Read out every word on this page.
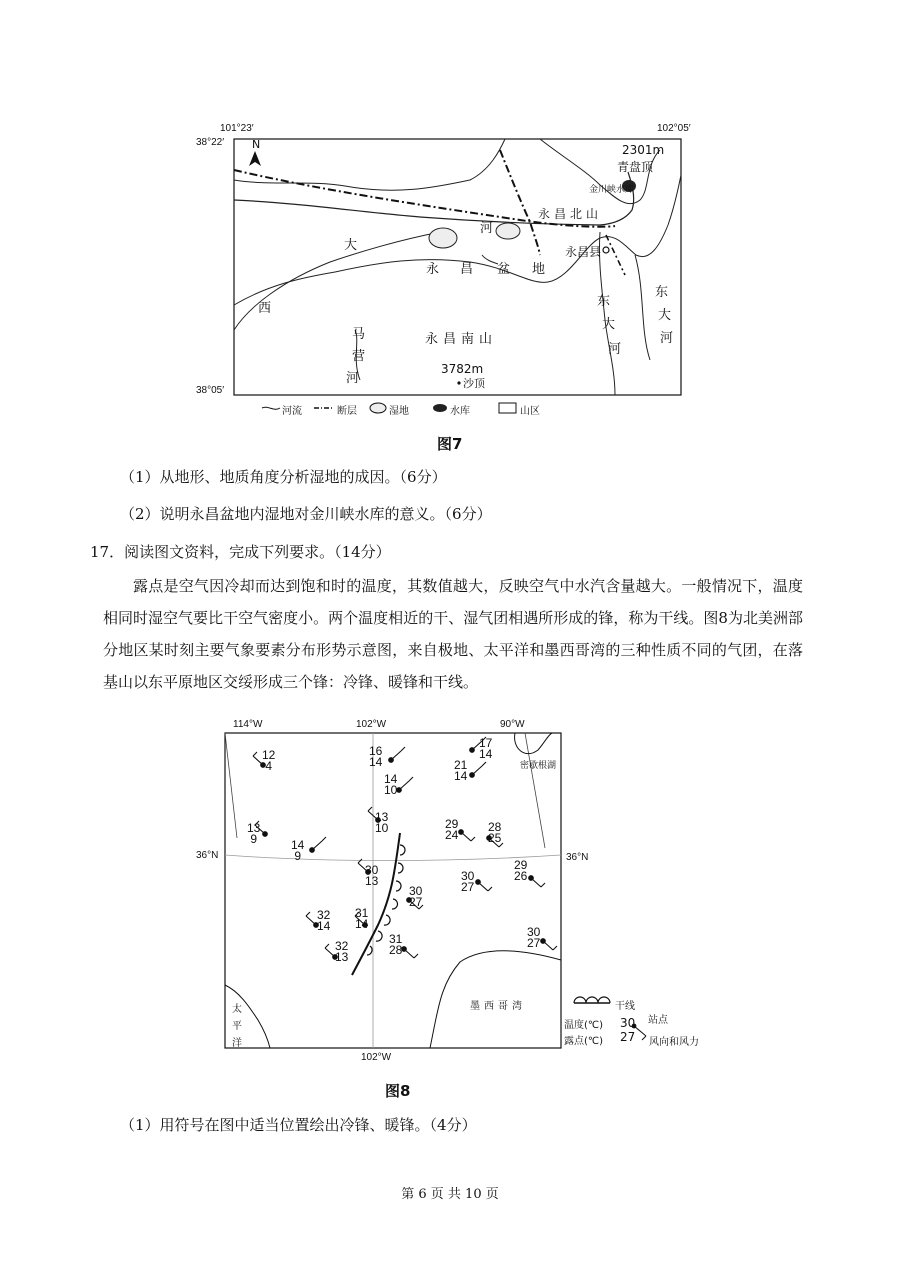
101°23′	102°05′
38°22′
38°05′
N	2301m
青盘顶
金川峡水库
永昌北山
永昌县
大
河
永 昌 盆 地
西
永昌南山
3782m
沙顶
马
营
河
东
大
河
东
大
河
河流	断层	湿地	水库	山区
图7
（1）从地形、地质角度分析湿地的成因。（6分）
（2）说明永昌盆地内湿地对金川峡水库的意义。（6分）
17．阅读图文资料，完成下列要求。（14分）
露点是空气因冷却而达到饱和时的温度，其数值越大，反映空气中水汽含量越大。一般情况下，温度相同时湿空气要比干空气密度小。两个温度相近的干、湿气团相遇所形成的锋，称为干线。图8为北美洲部分地区某时刻主要气象要素分布形势示意图，来自极地、太平洋和墨西哥湾的三种性质不同的气团，在落基山以东平原地区交绥形成三个锋：冷锋、暖锋和干线。
114°W	102°W	90°W
36°N	36°N
102°W
密歇根湖
墨西哥湾
太
平
洋
12
4
16
14
17
14
21
14
14
10
13
9	14
9
13
10	29
24
28
25
30
13
29
26
30
27
30
27
32
14
31
14
32
13
31
28
30
27
干线
温度(℃)
露点(℃)
站点
风向和风力
30
27
图8
（1）用符号在图中适当位置绘出冷锋、暖锋。（4分）
第 6 页 共 10 页
